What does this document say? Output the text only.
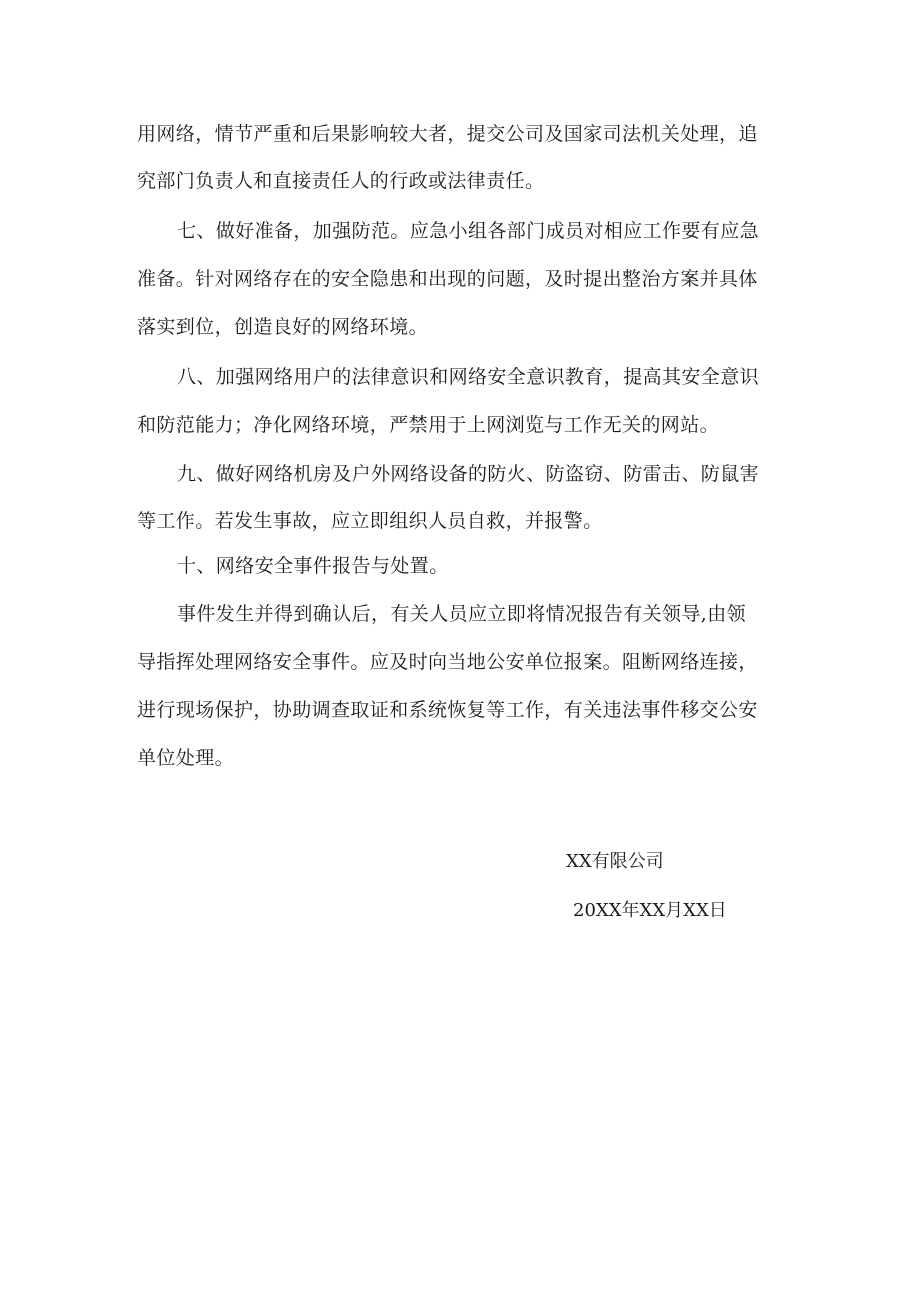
用网络，情节严重和后果影响较大者，提交公司及国家司法机关处理，追
究部门负责人和直接责任人的行政或法律责任。
七、做好准备，加强防范。应急小组各部门成员对相应工作要有应急
准备。针对网络存在的安全隐患和出现的问题，及时提出整治方案并具体
落实到位，创造良好的网络环境。
八、加强网络用户的法律意识和网络安全意识教育，提高其安全意识
和防范能力；净化网络环境，严禁用于上网浏览与工作无关的网站。
九、做好网络机房及户外网络设备的防火、防盗窃、防雷击、防鼠害
等工作。若发生事故，应立即组织人员自救，并报警。
十、网络安全事件报告与处置。
事件发生并得到确认后，有关人员应立即将情况报告有关领导,由领
导指挥处理网络安全事件。应及时向当地公安单位报案。阻断网络连接，
进行现场保护，协助调查取证和系统恢复等工作，有关违法事件移交公安
单位处理。
XX有限公司
20XX年XX月XX日
